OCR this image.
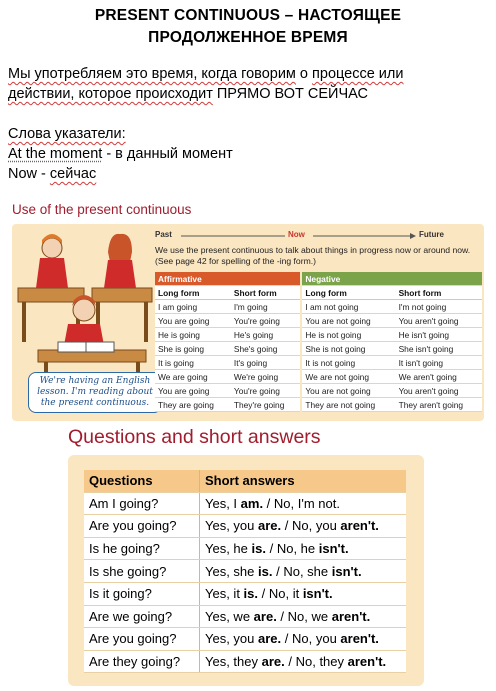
PRESENT CONTINUOUS – НАСТОЯЩЕЕ
ПРОДОЛЖЕННОЕ ВРЕМЯ
Мы употребляем это время, когда говорим о процессе или
действии, которое происходит ПРЯМО ВОТ СЕЙЧАС
Слова указатели:
At the moment - в данный момент
Now - сейчас
Use of the present continuous
We're having an English lesson. I'm reading about the present continuous.
Past	Now	Future
We use the present continuous to talk about things in progress now or around now. (See page 42 for spelling of the -ing form.)
Affirmative		Negative	
Long form	Short form	Long form	Short form
I am going	I'm going	I am not going	I'm not going
You are going	You're going	You are not going	You aren't going
He is going	He's going	He is not going	He isn't going
She is going	She's going	She is not going	She isn't going
It is going	It's going	It is not going	It isn't going
We are going	We're going	We are not going	We aren't going
You are going	You're going	You are not going	You aren't going
They are going	They're going	They are not going	They aren't going
Questions and short answers
Questions	Short answers
Am I going?	Yes, I am. / No, I'm not.
Are you going?	Yes, you are. / No, you aren't.
Is he going?	Yes, he is. / No, he isn't.
Is she going?	Yes, she is. / No, she isn't.
Is it going?	Yes, it is. / No, it isn't.
Are we going?	Yes, we are. / No, we aren't.
Are you going?	Yes, you are. / No, you aren't.
Are they going?	Yes, they are. / No, they aren't.
